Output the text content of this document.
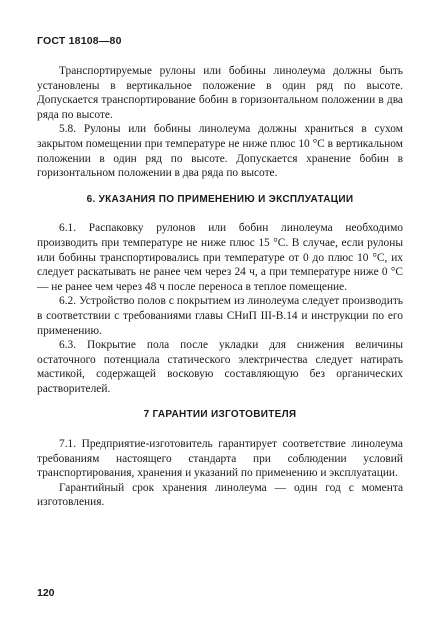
ГОСТ 18108—80

Транспортируемые рулоны или бобины линолеума должны быть установлены в вертикальное положение в один ряд по высоте. Допускается транспортирование бобин в горизонтальном положении в два ряда по высоте.

5.8. Рулоны или бобины линолеума должны храниться в сухом закрытом помещении при температуре не ниже плюс 10 °С в вертикальном положении в один ряд по высоте. Допускается хранение бобин в горизонтальном положении в два ряда по высоте.

6. УКАЗАНИЯ ПО ПРИМЕНЕНИЮ И ЭКСПЛУАТАЦИИ

6.1. Распаковку рулонов или бобин линолеума необходимо производить при температуре не ниже плюс 15 °С. В случае, если рулоны или бобины транспортировались при температуре от 0 до плюс 10 °С, их следует раскатывать не ранее чем через 24 ч, а при температуре ниже 0 °С — не ранее чем через 48 ч после переноса в теплое помещение.

6.2. Устройство полов с покрытием из линолеума следует производить в соответствии с требованиями главы СНиП III-В.14 и инструкции по его применению.

6.3. Покрытие пола после укладки для снижения величины остаточного потенциала статического электричества следует натирать мастикой, содержащей восковую составляющую без органических растворителей.

7 ГАРАНТИИ ИЗГОТОВИТЕЛЯ

7.1. Предприятие-изготовитель гарантирует соответствие линолеума требованиям настоящего стандарта при соблюдении условий транспортирования, хранения и указаний по применению и эксплуатации.

Гарантийный срок хранения линолеума — один год с момента изготовления.

120
